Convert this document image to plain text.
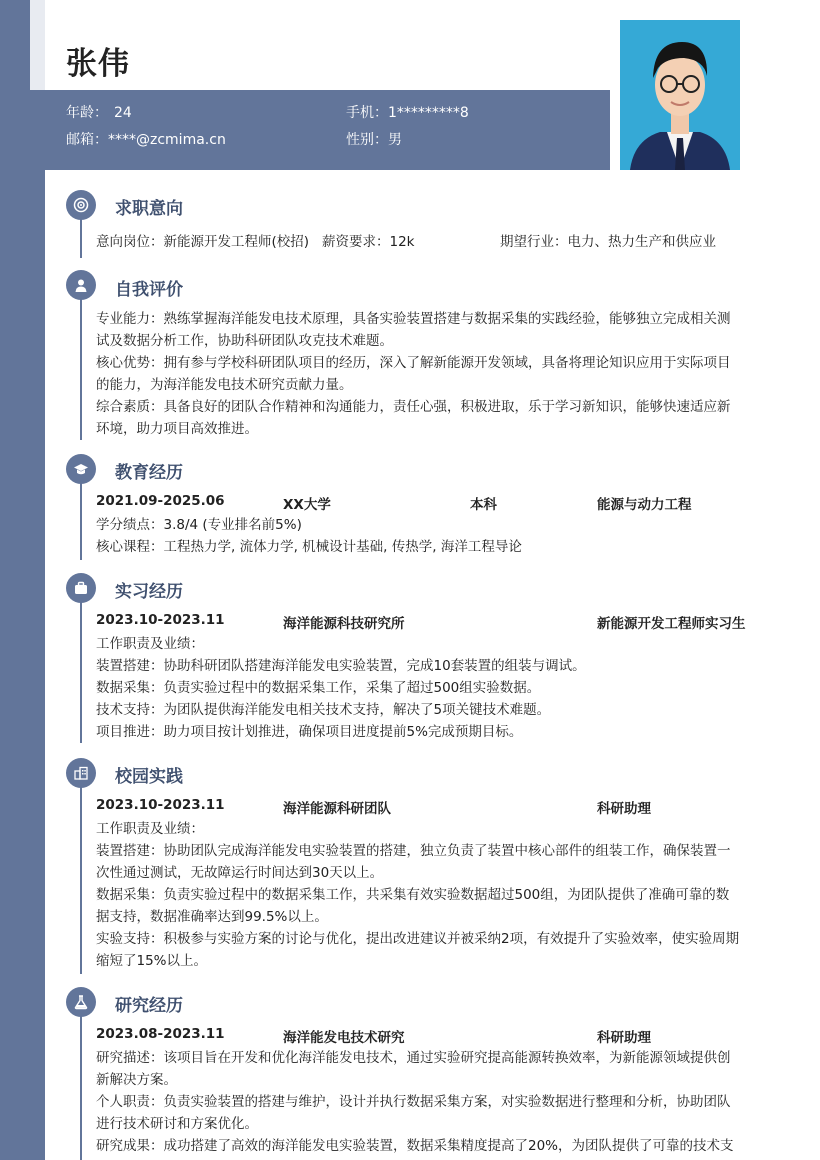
张伟
年龄： 24	手机：1*********8
邮箱：****@zcmima.cn	性别：男
求职意向
意向岗位：新能源开发工程师(校招) 薪资要求：12k	期望行业：电力、热力生产和供应业
自我评价
专业能力：熟练掌握海洋能发电技术原理，具备实验装置搭建与数据采集的实践经验，能够独立完成相关测
试及数据分析工作，协助科研团队攻克技术难题。
核心优势：拥有参与学校科研团队项目的经历，深入了解新能源开发领域，具备将理论知识应用于实际项目
的能力，为海洋能发电技术研究贡献力量。
综合素质：具备良好的团队合作精神和沟通能力，责任心强，积极进取，乐于学习新知识，能够快速适应新
环境，助力项目高效推进。
教育经历
2021.09-2025.06	XX大学	本科	能源与动力工程
学分绩点：3.8/4 (专业排名前5%)
核心课程：工程热力学, 流体力学, 机械设计基础, 传热学, 海洋工程导论
实习经历
2023.10-2023.11	海洋能源科技研究所	新能源开发工程师实习生
工作职责及业绩：
装置搭建：协助科研团队搭建海洋能发电实验装置，完成10套装置的组装与调试。
数据采集：负责实验过程中的数据采集工作，采集了超过500组实验数据。
技术支持：为团队提供海洋能发电相关技术支持，解决了5项关键技术难题。
项目推进：助力项目按计划推进，确保项目进度提前5%完成预期目标。
校园实践
2023.10-2023.11	海洋能源科研团队	科研助理
工作职责及业绩：
装置搭建：协助团队完成海洋能发电实验装置的搭建，独立负责了装置中核心部件的组装工作，确保装置一
次性通过测试，无故障运行时间达到30天以上。
数据采集：负责实验过程中的数据采集工作，共采集有效实验数据超过500组，为团队提供了准确可靠的数
据支持，数据准确率达到99.5%以上。
实验支持：积极参与实验方案的讨论与优化，提出改进建议并被采纳2项，有效提升了实验效率，使实验周期
缩短了15%以上。
研究经历
2023.08-2023.11	海洋能发电技术研究	科研助理
研究描述：该项目旨在开发和优化海洋能发电技术，通过实验研究提高能源转换效率，为新能源领域提供创
新解决方案。
个人职责：负责实验装置的搭建与维护，设计并执行数据采集方案，对实验数据进行整理和分析，协助团队
进行技术研讨和方案优化。
研究成果：成功搭建了高效的海洋能发电实验装置，数据采集精度提高了20%，为团队提供了可靠的技术支
